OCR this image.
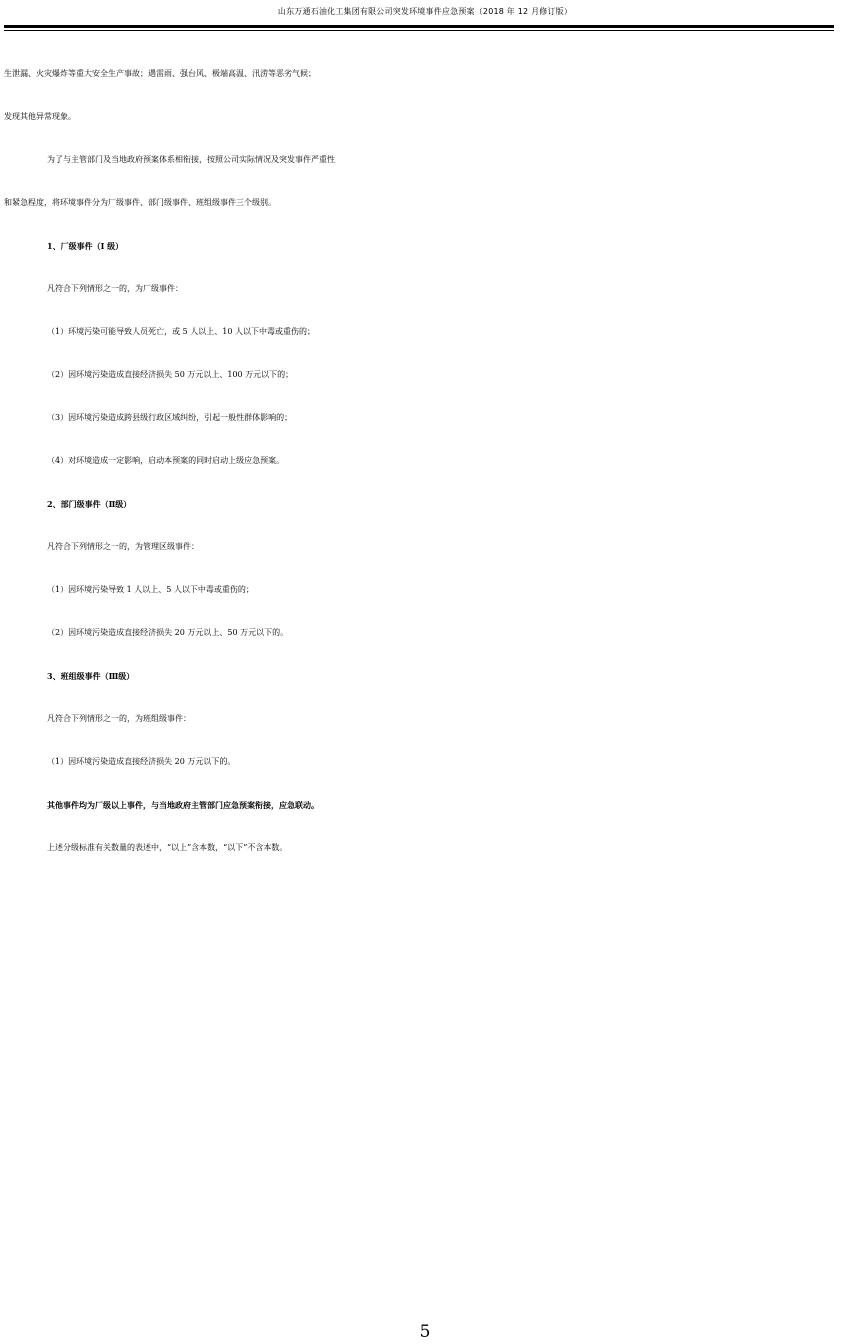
山东万通石油化工集团有限公司突发环境事件应急预案（2018 年 12 月修订版）
生泄漏、火灾爆炸等重大安全生产事故；遇雷雨、强台风、极端高温、汛涝等恶劣气候；
发现其他异常现象。
为了与主管部门及当地政府预案体系相衔接，按照公司实际情况及突发事件严重性
和紧急程度，将环境事件分为厂级事件、部门级事件、班组级事件三个级别。
1、厂级事件（I 级）
凡符合下列情形之一的，为厂级事件：
（1）环境污染可能导致人员死亡，或 5 人以上、10 人以下中毒或重伤的；
（2）因环境污染造成直接经济损失 50 万元以上、100 万元以下的；
（3）因环境污染造成跨县级行政区域纠纷，引起一般性群体影响的；
（4）对环境造成一定影响，启动本预案的同时启动上级应急预案。
2、部门级事件（Ⅱ级）
凡符合下列情形之一的，为管理区级事件：
（1）因环境污染导致 1 人以上、5 人以下中毒或重伤的；
（2）因环境污染造成直接经济损失 20 万元以上、50 万元以下的。
3、班组级事件（Ⅲ级）
凡符合下列情形之一的，为班组级事件：
（1）因环境污染造成直接经济损失 20 万元以下的。
其他事件均为厂级以上事件，与当地政府主管部门应急预案衔接，应急联动。
上述分级标准有关数量的表述中，“以上”含本数，“以下”不含本数。
5
